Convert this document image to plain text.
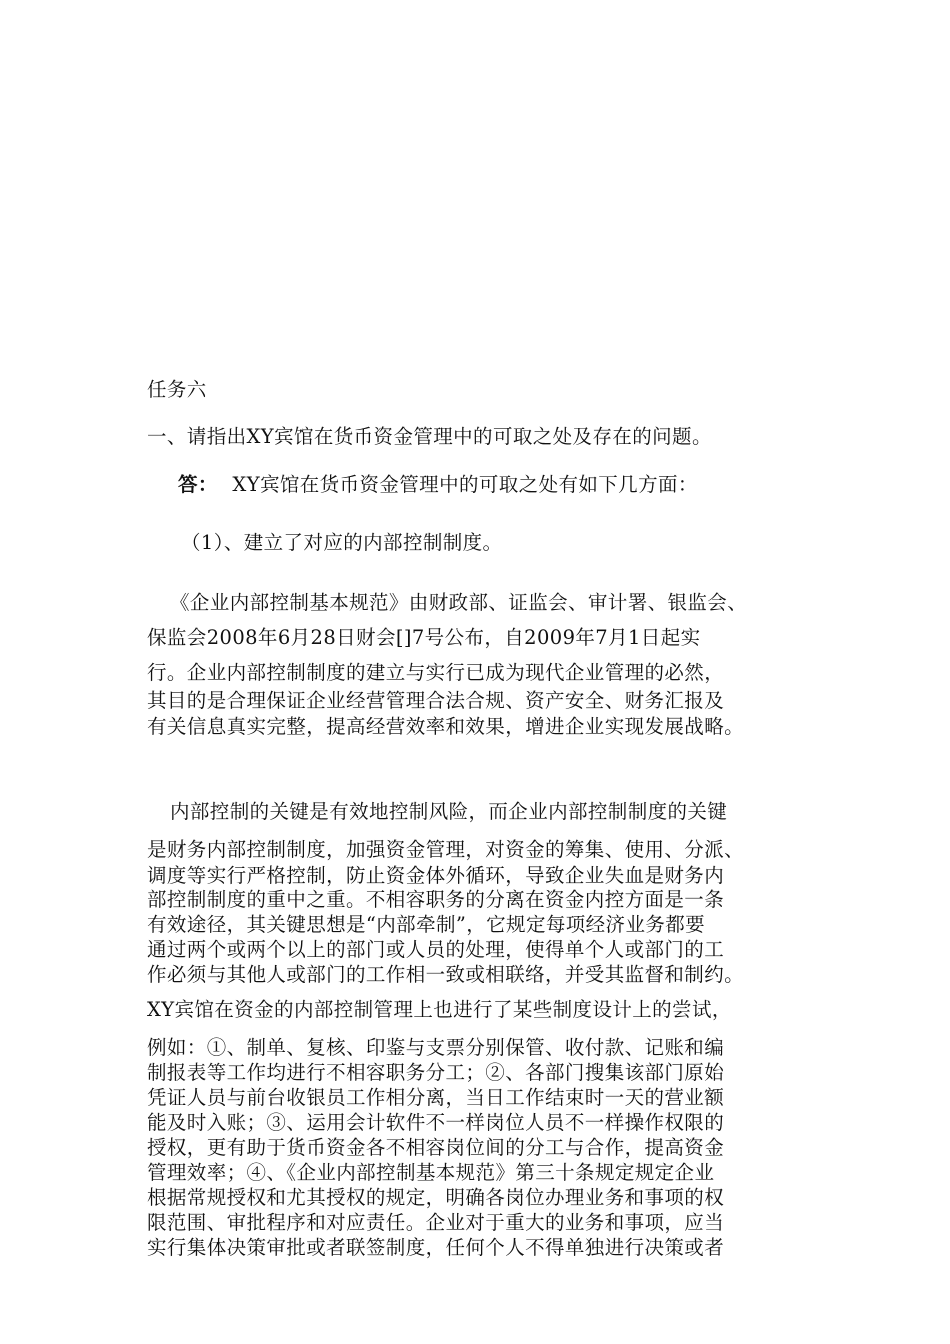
任务六
一、请指出XY宾馆在货币资金管理中的可取之处及存在的问题。
答： XY宾馆在货币资金管理中的可取之处有如下几方面：
（1）、建立了对应的内部控制制度。
《企业内部控制基本规范》由财政部、证监会、审计署、银监会、
保监会2008年6月28日财会[]7号公布，自2009年7月1日起实
行。企业内部控制制度的建立与实行已成为现代企业管理的必然，
其目的是合理保证企业经营管理合法合规、资产安全、财务汇报及
有关信息真实完整，提高经营效率和效果，增进企业实现发展战略。
内部控制的关键是有效地控制风险，而企业内部控制制度的关键
是财务内部控制制度，加强资金管理，对资金的筹集、使用、分派、
调度等实行严格控制，防止资金体外循环，导致企业失血是财务内
部控制制度的重中之重。不相容职务的分离在资金内控方面是一条
有效途径，其关键思想是“内部牵制”，它规定每项经济业务都要
通过两个或两个以上的部门或人员的处理，使得单个人或部门的工
作必须与其他人或部门的工作相一致或相联络，并受其监督和制约。
XY宾馆在资金的内部控制管理上也进行了某些制度设计上的尝试，
例如：①、制单、复核、印鉴与支票分别保管、收付款、记账和编
制报表等工作均进行不相容职务分工；②、各部门搜集该部门原始
凭证人员与前台收银员工作相分离，当日工作结束时一天的营业额
能及时入账；③、运用会计软件不一样岗位人员不一样操作权限的
授权，更有助于货币资金各不相容岗位间的分工与合作，提高资金
管理效率；④、《企业内部控制基本规范》第三十条规定规定企业
根据常规授权和尤其授权的规定，明确各岗位办理业务和事项的权
限范围、审批程序和对应责任。企业对于重大的业务和事项，应当
实行集体决策审批或者联签制度，任何个人不得单独进行决策或者
